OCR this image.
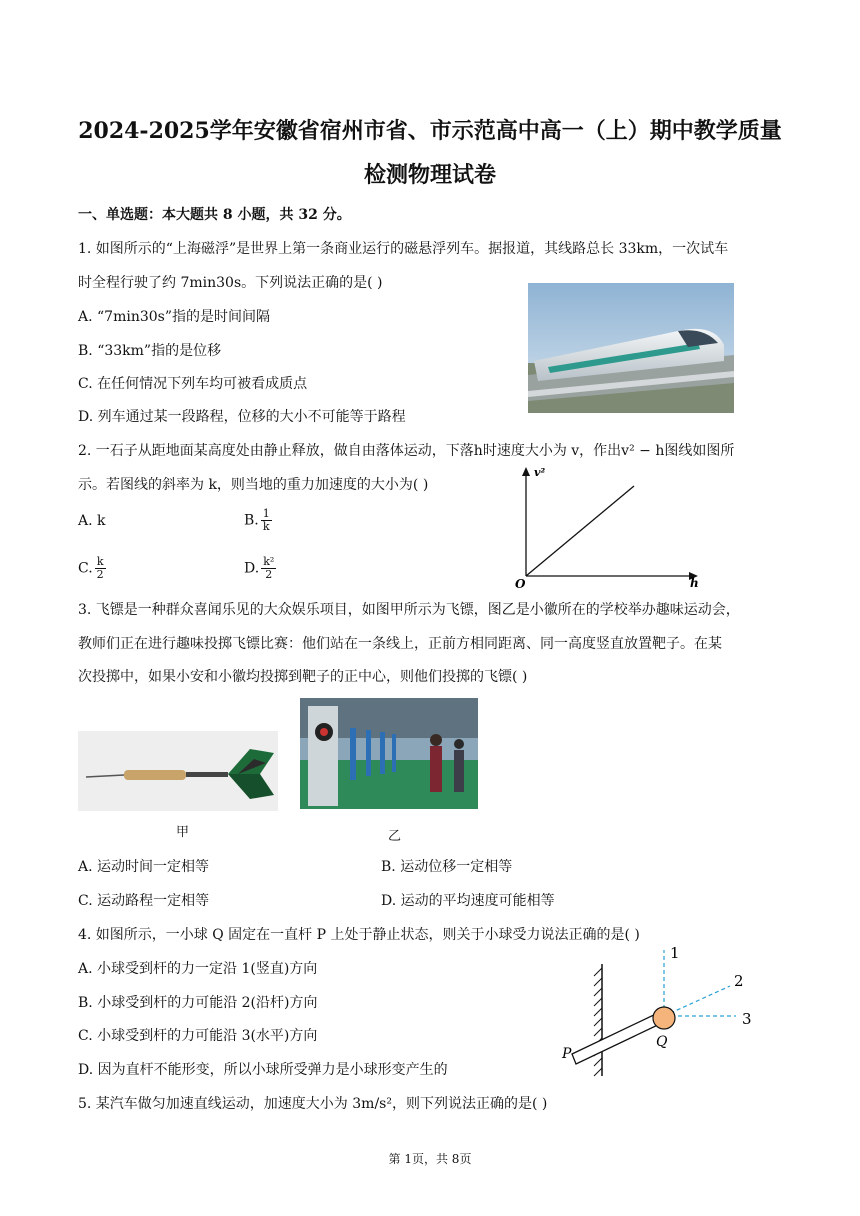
2024-2025学年安徽省宿州市省、市示范高中高一（上）期中教学质量
检测物理试卷
一、单选题：本大题共 8 小题，共 32 分。
1. 如图所示的“上海磁浮”是世界上第一条商业运行的磁悬浮列车。据报道，其线路总长 33km，一次试车
时全程行驶了约 7min30s。下列说法正确的是( )
A. “7min30s”指的是时间间隔
B. “33km”指的是位移
C. 在任何情况下列车均可被看成质点
D. 列车通过某一段路程，位移的大小不可能等于路程
2. 一石子从距地面某高度处由静止释放，做自由落体运动，下落h时速度大小为 v，作出v² − h图线如图所
示。若图线的斜率为 k，则当地的重力加速度的大小为( )
A. k	B. $\frac{1}{k}$
C. $\frac{k}{2}$	D. $\frac{\text{k²}}{2}$
v²
h
O
3. 飞镖是一种群众喜闻乐见的大众娱乐项目，如图甲所示为飞镖，图乙是小徽所在的学校举办趣味运动会，
教师们正在进行趣味投掷飞镖比赛：他们站在一条线上，正前方相同距离、同一高度竖直放置靶子。在某
次投掷中，如果小安和小徽均投掷到靶子的正中心，则他们投掷的飞镖( )
甲	乙
A. 运动时间一定相等	B. 运动位移一定相等
C. 运动路程一定相等	D. 运动的平均速度可能相等
4. 如图所示，一小球 Q 固定在一直杆 P 上处于静止状态，则关于小球受力说法正确的是( )
A. 小球受到杆的力一定沿 1(竖直)方向
B. 小球受到杆的力可能沿 2(沿杆)方向
C. 小球受到杆的力可能沿 3(水平)方向
D. 因为直杆不能形变，所以小球所受弹力是小球形变产生的
1
2
3
P
Q
5. 某汽车做匀加速直线运动，加速度大小为 3m/s²，则下列说法正确的是( )
第 1页，共 8页
